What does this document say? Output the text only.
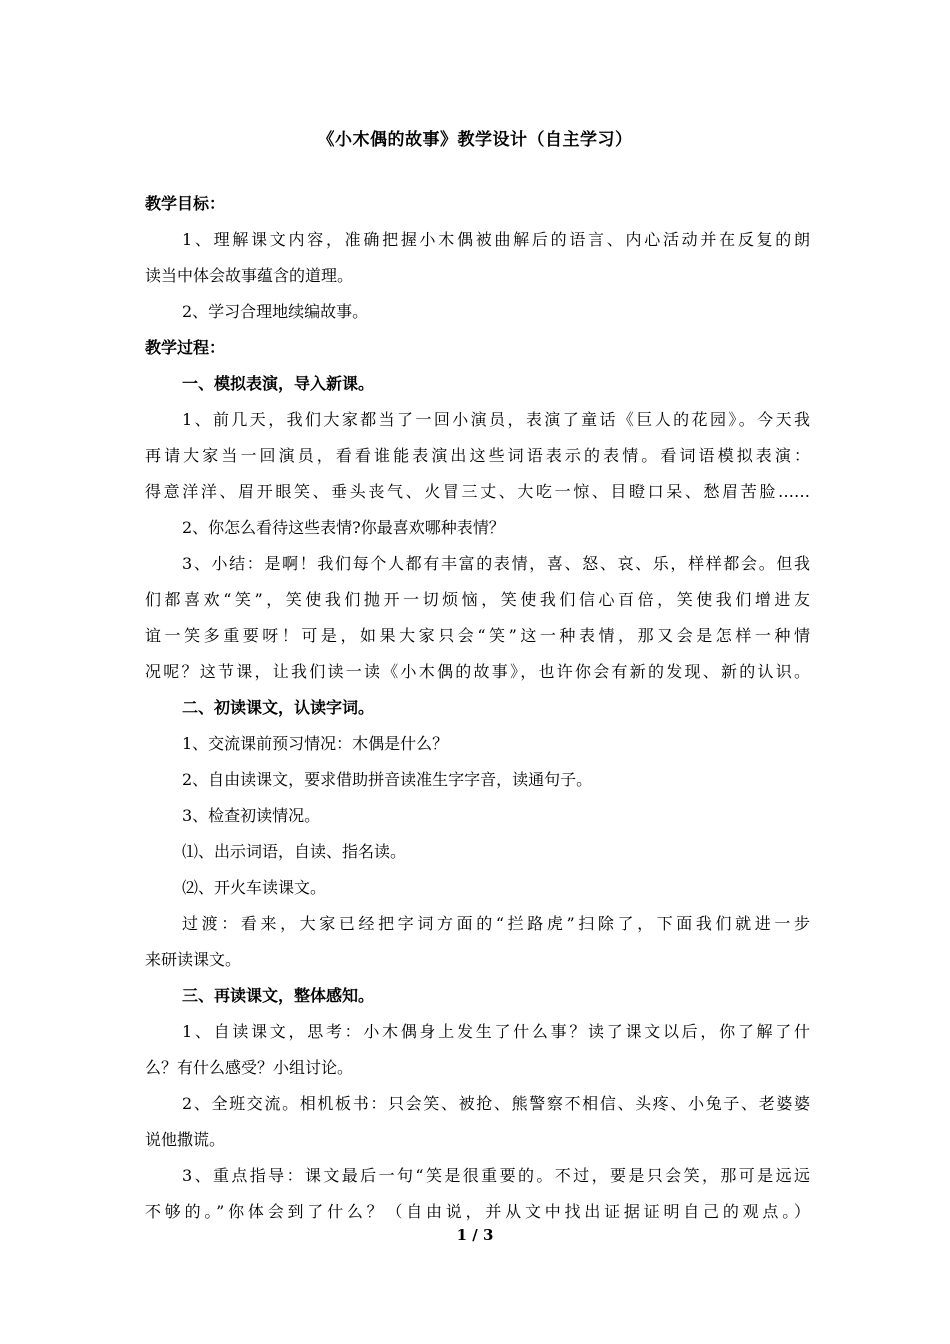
《小木偶的故事》教学设计（自主学习）
教学目标：
1、理解课文内容，准确把握小木偶被曲解后的语言、内心活动并在反复的朗
读当中体会故事蕴含的道理。
2、学习合理地续编故事。
教学过程：
一、模拟表演，导入新课。
1、前几天，我们大家都当了一回小演员，表演了童话《巨人的花园》。今天我
再请大家当一回演员，看看谁能表演出这些词语表示的表情。看词语模拟表演：
得意洋洋、眉开眼笑、垂头丧气、火冒三丈、大吃一惊、目瞪口呆、愁眉苦脸……
2、你怎么看待这些表情?你最喜欢哪种表情？
3、小结：是啊！我们每个人都有丰富的表情，喜、怒、哀、乐，样样都会。但我
们都喜欢“笑”，笑使我们抛开一切烦恼，笑使我们信心百倍，笑使我们增进友
谊一笑多重要呀！可是，如果大家只会“笑”这一种表情，那又会是怎样一种情
况呢？这节课，让我们读一读《小木偶的故事》，也许你会有新的发现、新的认识。
二、初读课文，认读字词。
1、交流课前预习情况：木偶是什么？
2、自由读课文，要求借助拼音读准生字字音，读通句子。
3、检查初读情况。
⑴、出示词语，自读、指名读。
⑵、开火车读课文。
过渡：看来，大家已经把字词方面的“拦路虎”扫除了，下面我们就进一步
来研读课文。
三、再读课文，整体感知。
1、自读课文，思考：小木偶身上发生了什么事？读了课文以后，你了解了什
么？有什么感受？小组讨论。
2、全班交流。相机板书：只会笑、被抢、熊警察不相信、头疼、小兔子、老婆婆
说他撒谎。
3、重点指导：课文最后一句“笑是很重要的。不过，要是只会笑，那可是远远
不够的。”你体会到了什么？（自由说，并从文中找出证据证明自己的观点。）
1 / 3
